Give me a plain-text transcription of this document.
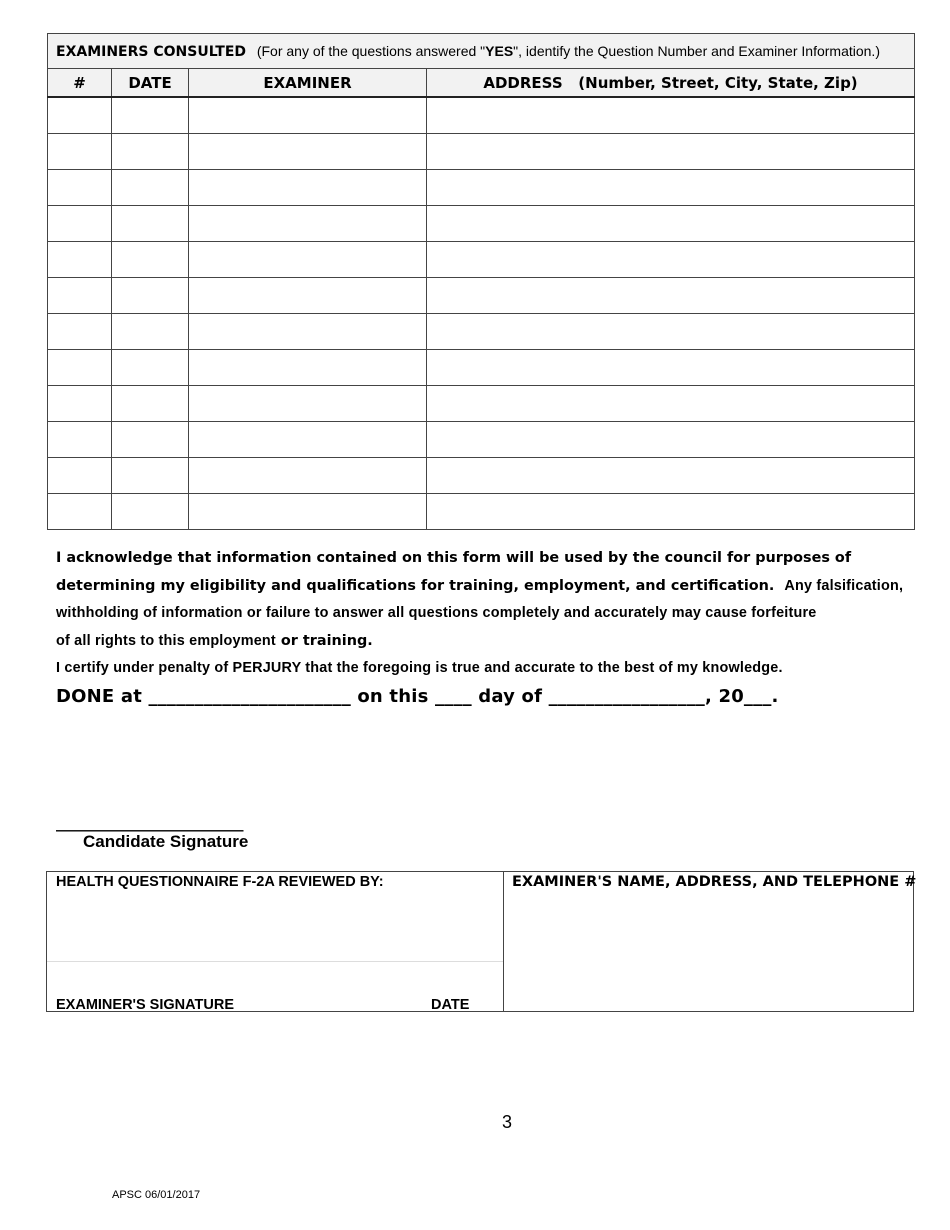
EXAMINERS CONSULTED (For any of the questions answered "YES", identify the Question Number and Examiner Information.)			
#	DATE	EXAMINER	ADDRESS   (Number, Street, City, State, Zip)

I acknowledge that information contained on this form will be used by the council for purposes of
determining my eligibility and qualifications for training, employment, and certification. Any falsification,
withholding of information or failure to answer all questions completely and accurately may cause forfeiture
of all rights to this employment or training.
I certify under penalty of PERJURY that the foregoing is true and accurate to the best of my knowledge.
DONE at ______________________ on this ____ day of _________________, 20___.
_________________________
Candidate Signature
HEALTH QUESTIONNAIRE F-2A REVIEWED BY:
EXAMINER'S SIGNATURE	DATE
EXAMINER'S NAME, ADDRESS, AND TELEPHONE #
3
APSC 06/01/2017
